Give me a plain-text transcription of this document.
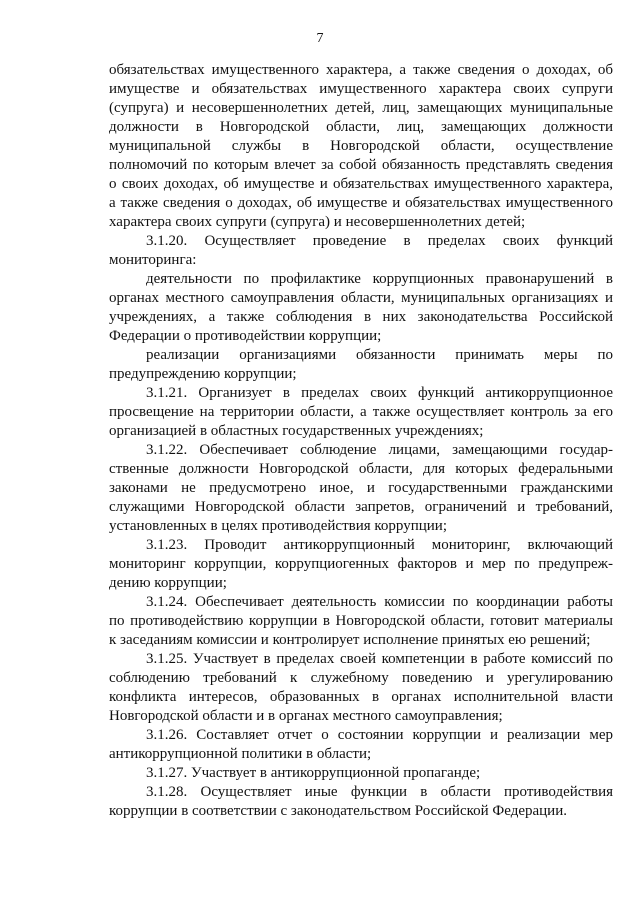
7
обязательствах имущественного характера, а также сведения о доходах, об
имуществе и обязательствах имущественного характера своих супруги
(супруга) и несовершеннолетних детей, лиц, замещающих муниципальные
должности в Новгородской области, лиц, замещающих должности
муниципальной службы в Новгородской области, осуществление
полномочий по которым влечет за собой обязанность представлять сведения
о своих доходах, об имуществе и обязательствах имущественного характера,
а также сведения о доходах, об имуществе и обязательствах имущественного
характера своих супруги (супруга) и несовершеннолетних детей;
3.1.20. Осуществляет проведение в пределах своих функций
мониторинга:
деятельности по профилактике коррупционных правонарушений в
органах местного самоуправления области, муниципальных организациях и
учреждениях, а также соблюдения в них законодательства Российской
Федерации о противодействии коррупции;
реализации организациями обязанности принимать меры по
предупреждению коррупции;
3.1.21. Организует в пределах своих функций антикоррупционное
просвещение на территории области, а также осуществляет контроль за его
организацией в областных государственных учреждениях;
3.1.22. Обеспечивает соблюдение лицами, замещающими государ-
ственные должности Новгородской области, для которых федеральными
законами не предусмотрено иное, и государственными гражданскими
служащими Новгородской области запретов, ограничений и требований,
установленных в целях противодействия коррупции;
3.1.23. Проводит антикоррупционный мониторинг, включающий
мониторинг коррупции, коррупциогенных факторов и мер по предупреж-
дению коррупции;
3.1.24. Обеспечивает деятельность комиссии по координации работы
по противодействию коррупции в Новгородской области, готовит материалы
к заседаниям комиссии и контролирует исполнение принятых ею решений;
3.1.25. Участвует в пределах своей компетенции в работе комиссий по
соблюдению требований к служебному поведению и урегулированию
конфликта интересов, образованных в органах исполнительной власти
Новгородской области и в органах местного самоуправления;
3.1.26. Составляет отчет о состоянии коррупции и реализации мер
антикоррупционной политики в области;
3.1.27. Участвует в антикоррупционной пропаганде;
3.1.28. Осуществляет иные функции в области противодействия
коррупции в соответствии с законодательством Российской Федерации.
